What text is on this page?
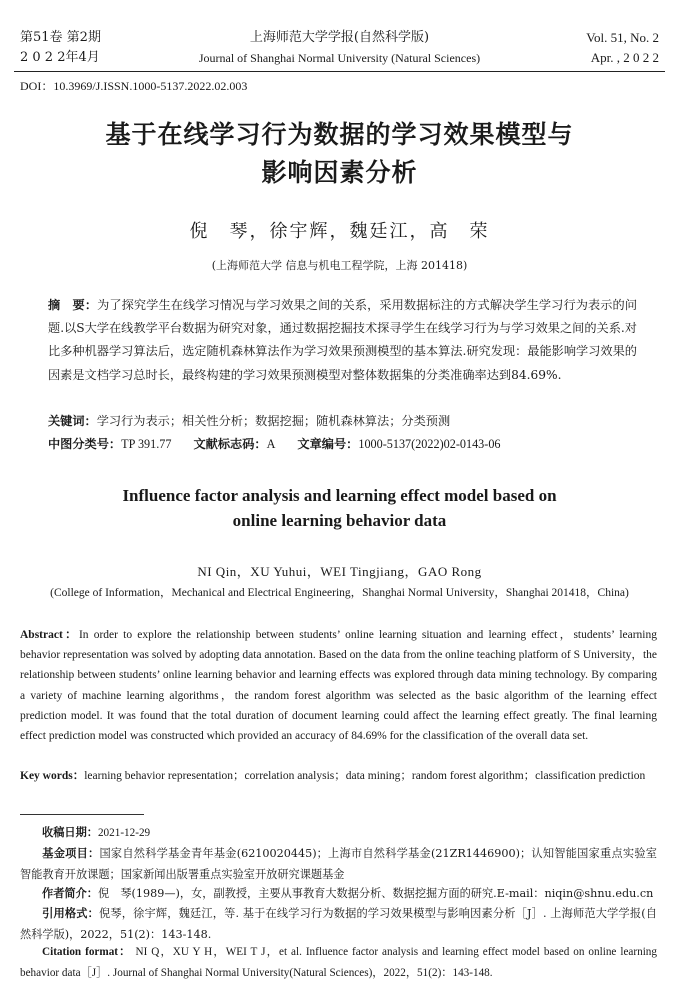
第51卷 第2期
2 0 2 2年4月
上海师范大学学报(自然科学版)
Journal of Shanghai Normal University (Natural Sciences)
Vol. 51, No. 2
Apr. , 2 0 2 2
DOI：10.3969/J.ISSN.1000-5137.2022.02.003
基于在线学习行为数据的学习效果模型与
影响因素分析
倪　琴，徐宇辉，魏廷江，高　荣
(上海师范大学 信息与机电工程学院，上海 201418)
摘　要：为了探究学生在线学习情况与学习效果之间的关系，采用数据标注的方式解决学生学习行为表示的问题.以S大学在线教学平台数据为研究对象，通过数据挖掘技术探寻学生在线学习行为与学习效果之间的关系.对比多种机器学习算法后，选定随机森林算法作为学习效果预测模型的基本算法.研究发现：最能影响学习效果的因素是文档学习总时长，最终构建的学习效果预测模型对整体数据集的分类准确率达到84.69%.
关键词：学习行为表示；相关性分析；数据挖掘；随机森林算法；分类预测
中图分类号：TP 391.77 文献标志码：A 文章编号：1000-5137(2022)02-0143-06
Influence factor analysis and learning effect model based on
online learning behavior data
NI Qin，XU Yuhui，WEI Tingjiang，GAO Rong
(College of Information，Mechanical and Electrical Engineering，Shanghai Normal University，Shanghai 201418，China)
Abstract：In order to explore the relationship between students’ online learning situation and learning effect，students’ learning behavior representation was solved by adopting data annotation. Based on the data from the online teaching platform of S University，the relationship between students’ online learning behavior and learning effects was explored through data mining technology. By comparing a variety of machine learning algorithms，the random forest algorithm was selected as the basic algorithm of the learning effect prediction model. It was found that the total duration of document learning could affect the learning effect greatly. The final learning effect prediction model was constructed which provided an accuracy of 84.69% for the classification of the overall data set.
Key words：learning behavior representation；correlation analysis；data mining；random forest algorithm；classification prediction
收稿日期：2021-12-29
基金项目：国家自然科学基金青年基金(6210020445)；上海市自然科学基金(21ZR1446900)；认知智能国家重点实验室智能教育开放课题；国家新闻出版署重点实验室开放研究课题基金
作者简介：倪　琴(1989—)，女，副教授，主要从事教育大数据分析、数据挖掘方面的研究.E-mail：niqin@shnu.edu.cn
引用格式：倪琴，徐宇辉，魏廷江，等. 基于在线学习行为数据的学习效果模型与影响因素分析［J］. 上海师范大学学报(自然科学版)，2022，51(2)：143-148.
Citation format： NI Q，XU Y H，WEI T J，et al. Influence factor analysis and learning effect model based on online learning behavior data［J］. Journal of Shanghai Normal University(Natural Sciences)，2022，51(2)：143-148.
